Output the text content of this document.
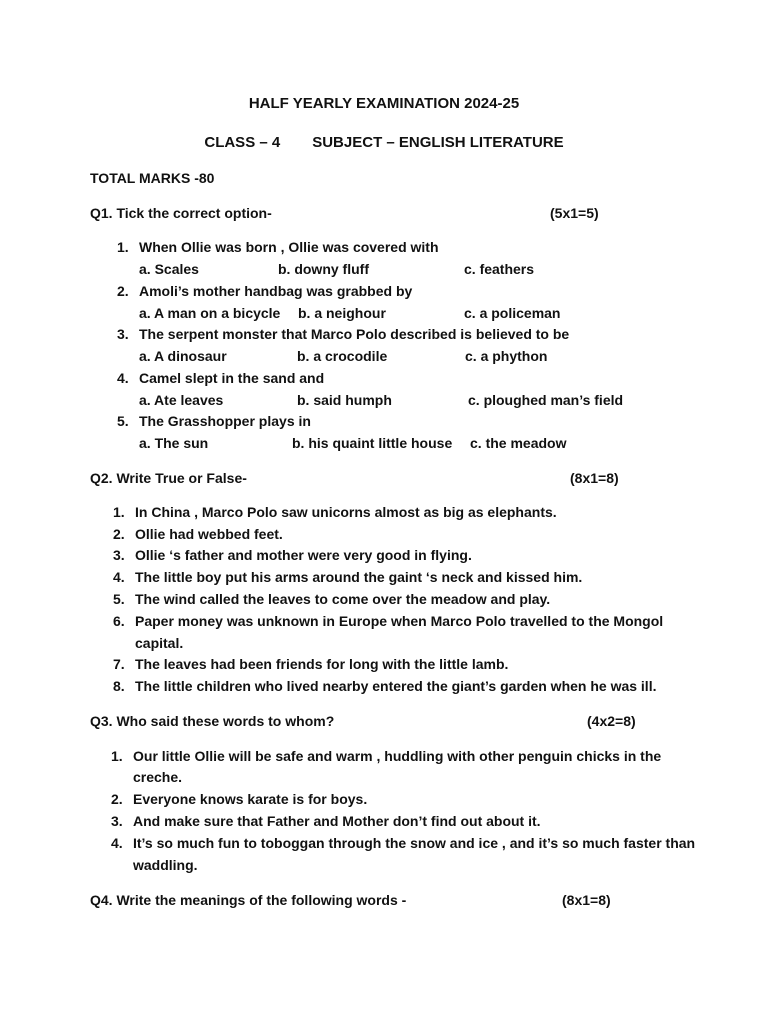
HALF YEARLY EXAMINATION 2024-25
CLASS – 4 SUBJECT – ENGLISH LITERATURE
TOTAL MARKS -80
Q1. Tick the correct option-	(5x1=5)
1. When Ollie was born , Ollie was covered with
a. Scales	b. downy fluff	c. feathers
2. Amoli’s mother handbag was grabbed by
a. A man on a bicycle b. a neighour	c. a policeman
3. The serpent monster that Marco Polo described is believed to be
a. A dinosaur	b. a crocodile	c. a phython
4. Camel slept in the sand and
a. Ate leaves	b. said humph	c. ploughed man’s field
5. The Grasshopper plays in
a. The sun	b. his quaint little house c. the meadow
Q2. Write True or False-	(8x1=8)
1. In China , Marco Polo saw unicorns almost as big as elephants.
2. Ollie had webbed feet.
3. Ollie ‘s father and mother were very good in flying.
4. The little boy put his arms around the gaint ‘s neck and kissed him.
5. The wind called the leaves to come over the meadow and play.
6. Paper money was unknown in Europe when Marco Polo travelled to the Mongol
capital.
7. The leaves had been friends for long with the little lamb.
8. The little children who lived nearby entered the giant’s garden when he was ill.
Q3. Who said these words to whom?	(4x2=8)
1. Our little Ollie will be safe and warm , huddling with other penguin chicks in the
creche.
2. Everyone knows karate is for boys.
3. And make sure that Father and Mother don’t find out about it.
4. It’s so much fun to toboggan through the snow and ice , and it’s so much faster than
waddling.
Q4. Write the meanings of the following words -	(8x1=8)
